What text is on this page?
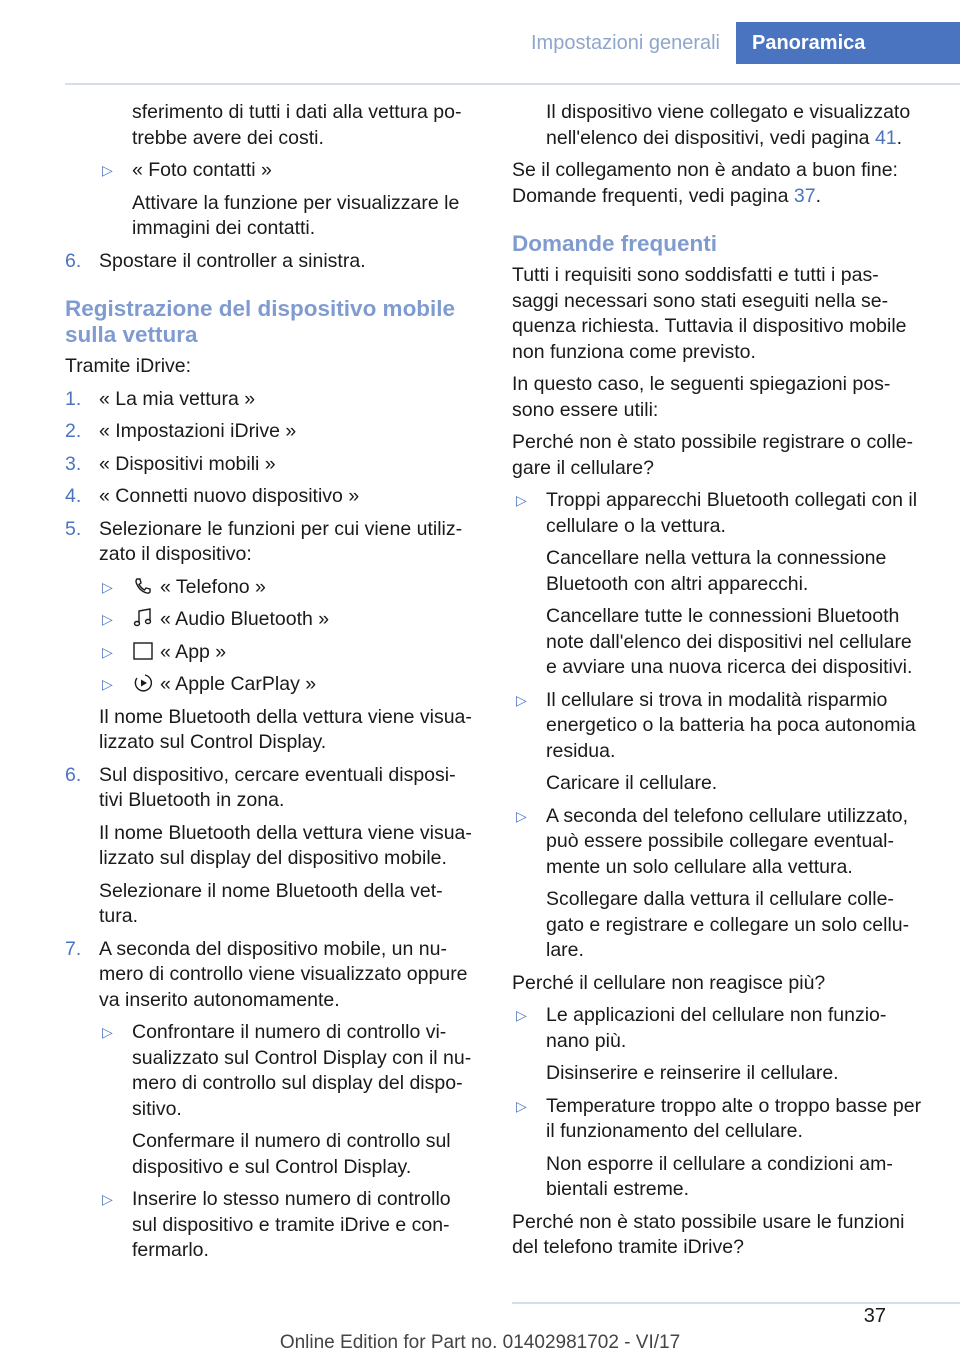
Impostazioni generali	Panoramica

sferimento di tutti i dati alla vettura po-trebbe avere dei costi.

▷ « Foto contatti »

Attivare la funzione per visualizzare le immagini dei contatti.

6. Spostare il controller a sinistra.
Registrazione del dispositivo mobile sulla vettura

Tramite iDrive:

1. « La mia vettura »
2. « Impostazioni iDrive »
3. « Dispositivi mobili »
4. « Connetti nuovo dispositivo »
5. Selezionare le funzioni per cui viene utiliz-zato il dispositivo:
▷ « Telefono »
▷ « Audio Bluetooth »
▷ « App »
▷ « Apple CarPlay »

Il nome Bluetooth della vettura viene visua-lizzato sul Control Display.

6. Sul dispositivo, cercare eventuali disposi-tivi Bluetooth in zona.

Il nome Bluetooth della vettura viene visua-lizzato sul display del dispositivo mobile.

Selezionare il nome Bluetooth della vet-tura.

7. A seconda del dispositivo mobile, un nu-mero di controllo viene visualizzato oppure va inserito autonomamente.
▷ Confrontare il numero di controllo vi-sualizzato sul Control Display con il nu-mero di controllo sul display del dispo-sitivo.

Confermare il numero di controllo sul dispositivo e sul Control Display.

▷ Inserire lo stesso numero di controllo sul dispositivo e tramite iDrive e con-fermarlo.

Il dispositivo viene collegato e visualizzato nell'elenco dei dispositivi, vedi pagina 41.

Se il collegamento non è andato a buon fine: Domande frequenti, vedi pagina 37.

Domande frequenti

Tutti i requisiti sono soddisfatti e tutti i pas-saggi necessari sono stati eseguiti nella se-quenza richiesta. Tuttavia il dispositivo mobile non funziona come previsto.

In questo caso, le seguenti spiegazioni pos-sono essere utili:

Perché non è stato possibile registrare o colle-gare il cellulare?

▷ Troppi apparecchi Bluetooth collegati con il cellulare o la vettura.

Cancellare nella vettura la connessione Bluetooth con altri apparecchi.

Cancellare tutte le connessioni Bluetooth note dall'elenco dei dispositivi nel cellulare e avviare una nuova ricerca dei dispositivi.

▷ Il cellulare si trova in modalità risparmio energetico o la batteria ha poca autonomia residua.

Caricare il cellulare.

▷ A seconda del telefono cellulare utilizzato, può essere possibile collegare eventual-mente un solo cellulare alla vettura.

Scollegare dalla vettura il cellulare colle-gato e registrare e collegare un solo cellu-lare.

Perché il cellulare non reagisce più?

▷ Le applicazioni del cellulare non funzio-nano più.

Disinserire e reinserire il cellulare.

▷ Temperature troppo alte o troppo basse per il funzionamento del cellulare.

Non esporre il cellulare a condizioni am-bientali estreme.

Perché non è stato possibile usare le funzioni del telefono tramite iDrive?

37
Online Edition for Part no. 01402981702 - VI/17
